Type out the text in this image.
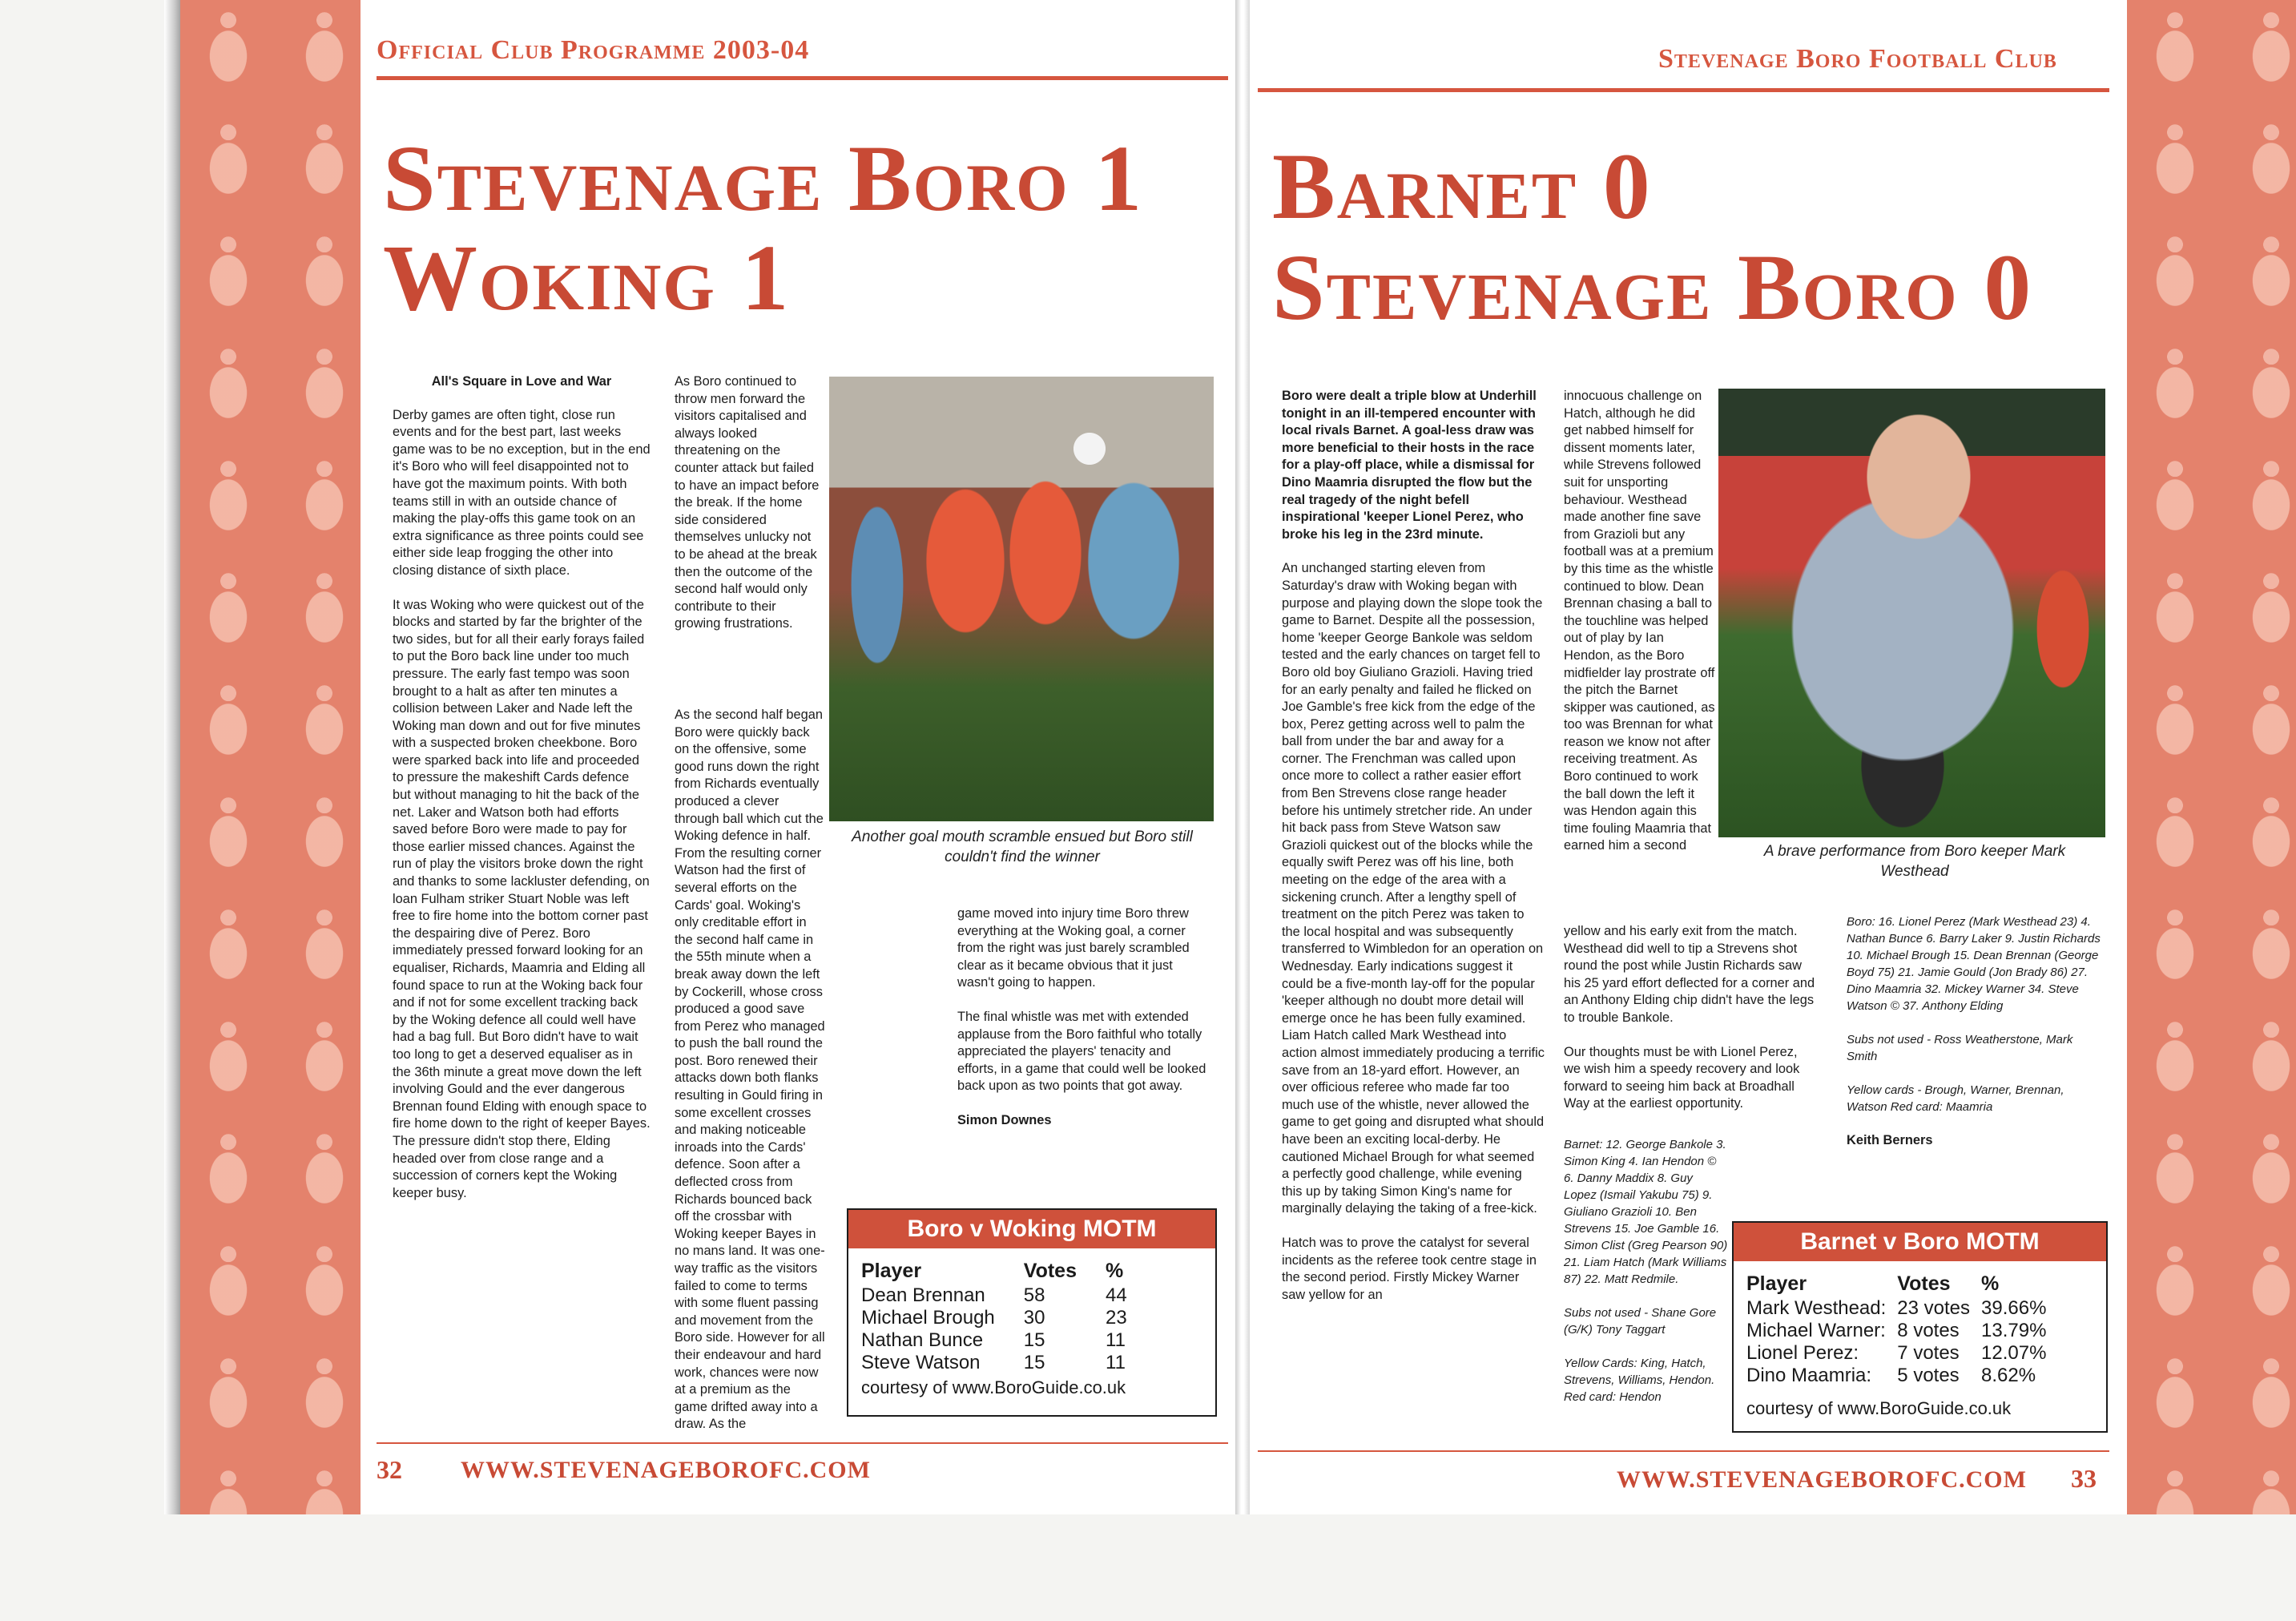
Official Club Programme 2003-04
Stevenage Boro 1
Woking 1

All's Square in Love and War

Derby games are often tight, close run events and for the best part, last weeks game was to be no exception, but in the end it's Boro who will feel disappointed not to have got the maximum points. With both teams still in with an outside chance of making the play-offs this game took on an extra significance as three points could see either side leap frogging the other into closing distance of sixth place.

It was Woking who were quickest out of the blocks and started by far the brighter of the two sides, but for all their early forays failed to put the Boro back line under too much pressure. The early fast tempo was soon brought to a halt as after ten minutes a collision between Laker and Nade left the Woking man down and out for five minutes with a suspected broken cheekbone. Boro were sparked back into life and proceeded to pressure the makeshift Cards defence but without managing to hit the back of the net. Laker and Watson both had efforts saved before Boro were made to pay for those earlier missed chances. Against the run of play the visitors broke down the right and thanks to some lackluster defending, on loan Fulham striker Stuart Noble was left free to fire home into the bottom corner past the despairing dive of Perez. Boro immediately pressed forward looking for an equaliser, Richards, Maamria and Elding all found space to run at the Woking back four and if not for some excellent tracking back by the Woking defence all could well have had a bag full. But Boro didn't have to wait too long to get a deserved equaliser as in the 36th minute a great move down the left involving Gould and the ever dangerous Brennan found Elding with enough space to fire home down to the right of keeper Bayes. The pressure didn't stop there, Elding headed over from close range and a succession of corners kept the Woking keeper busy.

As Boro continued to throw men forward the visitors capitalised and always looked threatening on the counter attack but failed to have an impact before the break. If the home side considered themselves unlucky not to be ahead at the break then the outcome of the second half would only contribute to their growing frustrations.

As the second half began Boro were quickly back on the offensive, some good runs down the right from Richards eventually produced a clever through ball which cut the Woking defence in half. From the resulting corner Watson had the first of several efforts on the Cards' goal. Woking's only creditable effort in the second half came in the 55th minute when a break away down the left by Cockerill, whose cross produced a good save from Perez who managed to push the ball round the post. Boro renewed their attacks down both flanks resulting in Gould firing in some excellent crosses and making noticeable inroads into the Cards' defence. Soon after a deflected cross from Richards bounced back off the crossbar with Woking keeper Bayes in no mans land. It was one-way traffic as the visitors failed to come to terms with some fluent passing and movement from the Boro side. However for all their endeavour and hard work, chances were now at a premium as the game drifted away into a draw. As the

Another goal mouth scramble ensued but Boro still couldn't find the winner

game moved into injury time Boro threw everything at the Woking goal, a corner from the right was just barely scrambled clear as it became obvious that it just wasn't going to happen.

The final whistle was met with extended applause from the Boro faithful who totally appreciated the players' tenacity and efforts, in a game that could well be looked back upon as two points that got away.

Simon Downes

Boro v Woking MOTM
Player	Votes	%
Dean Brennan	58	44
Michael Brough	30	23
Nathan Bunce	15	11
Steve Watson	15	11
courtesy of www.BoroGuide.co.uk
32 WWW.STEVENAGEBOROFC.COM
Stevenage Boro Football Club
Barnet 0
Stevenage Boro 0

Boro were dealt a triple blow at Underhill tonight in an ill-tempered encounter with local rivals Barnet. A goal-less draw was more beneficial to their hosts in the race for a play-off place, while a dismissal for Dino Maamria disrupted the flow but the real tragedy of the night befell inspirational 'keeper Lionel Perez, who broke his leg in the 23rd minute.

An unchanged starting eleven from Saturday's draw with Woking began with purpose and playing down the slope took the game to Barnet. Despite all the possession, home 'keeper George Bankole was seldom tested and the early chances on target fell to Boro old boy Giuliano Grazioli. Having tried for an early penalty and failed he flicked on Joe Gamble's free kick from the edge of the box, Perez getting across well to palm the ball from under the bar and away for a corner. The Frenchman was called upon once more to collect a rather easier effort from Ben Strevens close range header before his untimely stretcher ride. An under hit back pass from Steve Watson saw Grazioli quickest out of the blocks while the equally swift Perez was off his line, both meeting on the edge of the area with a sickening crunch. After a lengthy spell of treatment on the pitch Perez was taken to the local hospital and was subsequently transferred to Wimbledon for an operation on Wednesday. Early indications suggest it could be a five-month lay-off for the popular 'keeper although no doubt more detail will emerge once he has been fully examined. Liam Hatch called Mark Westhead into action almost immediately producing a terrific save from an 18-yard effort. However, an over officious referee who made far too much use of the whistle, never allowed the game to get going and disrupted what should have been an exciting local-derby. He cautioned Michael Brough for what seemed a perfectly good challenge, while evening this up by taking Simon King's name for marginally delaying the taking of a free-kick.

Hatch was to prove the catalyst for several incidents as the referee took centre stage in the second period. Firstly Mickey Warner saw yellow for an

innocuous challenge on Hatch, although he did get nabbed himself for dissent moments later, while Strevens followed suit for unsporting behaviour. Westhead made another fine save from Grazioli but any football was at a premium by this time as the whistle continued to blow. Dean Brennan chasing a ball to the touchline was helped out of play by Ian Hendon, as the Boro midfielder lay prostrate off the pitch the Barnet skipper was cautioned, as too was Brennan for what reason we know not after receiving treatment. As Boro continued to work the ball down the left it was Hendon again this time fouling Maamria that earned him a second

yellow and his early exit from the match. Westhead did well to tip a Strevens shot round the post while Justin Richards saw his 25 yard effort deflected for a corner and an Anthony Elding chip didn't have the legs to trouble Bankole.

Our thoughts must be with Lionel Perez, we wish him a speedy recovery and look forward to seeing him back at Broadhall Way at the earliest opportunity.

Barnet: 12. George Bankole 3. Simon King 4. Ian Hendon © 6. Danny Maddix 8. Guy Lopez (Ismail Yakubu 75) 9. Giuliano Grazioli 10. Ben Strevens 15. Joe Gamble 16. Simon Clist (Greg Pearson 90) 21. Liam Hatch (Mark Williams 87) 22. Matt Redmile.

Subs not used - Shane Gore (G/K) Tony Taggart

Yellow Cards: King, Hatch, Strevens, Williams, Hendon. Red card: Hendon

A brave performance from Boro keeper Mark Westhead

Boro: 16. Lionel Perez (Mark Westhead 23) 4. Nathan Bunce 6. Barry Laker 9. Justin Richards 10. Michael Brough 15. Dean Brennan (George Boyd 75) 21. Jamie Gould (Jon Brady 86) 27. Dino Maamria 32. Mickey Warner 34. Steve Watson © 37. Anthony Elding

Subs not used - Ross Weatherstone, Mark Smith

Yellow cards - Brough, Warner, Brennan, Watson Red card: Maamria

Keith Berners

Barnet v Boro MOTM
Player	Votes	%
Mark Westhead:	23 votes	39.66%
Michael Warner:	8 votes	13.79%
Lionel Perez:	7 votes	12.07%
Dino Maamria:	5 votes	8.62%
courtesy of www.BoroGuide.co.uk
WWW.STEVENAGEBOROFC.COM 33
